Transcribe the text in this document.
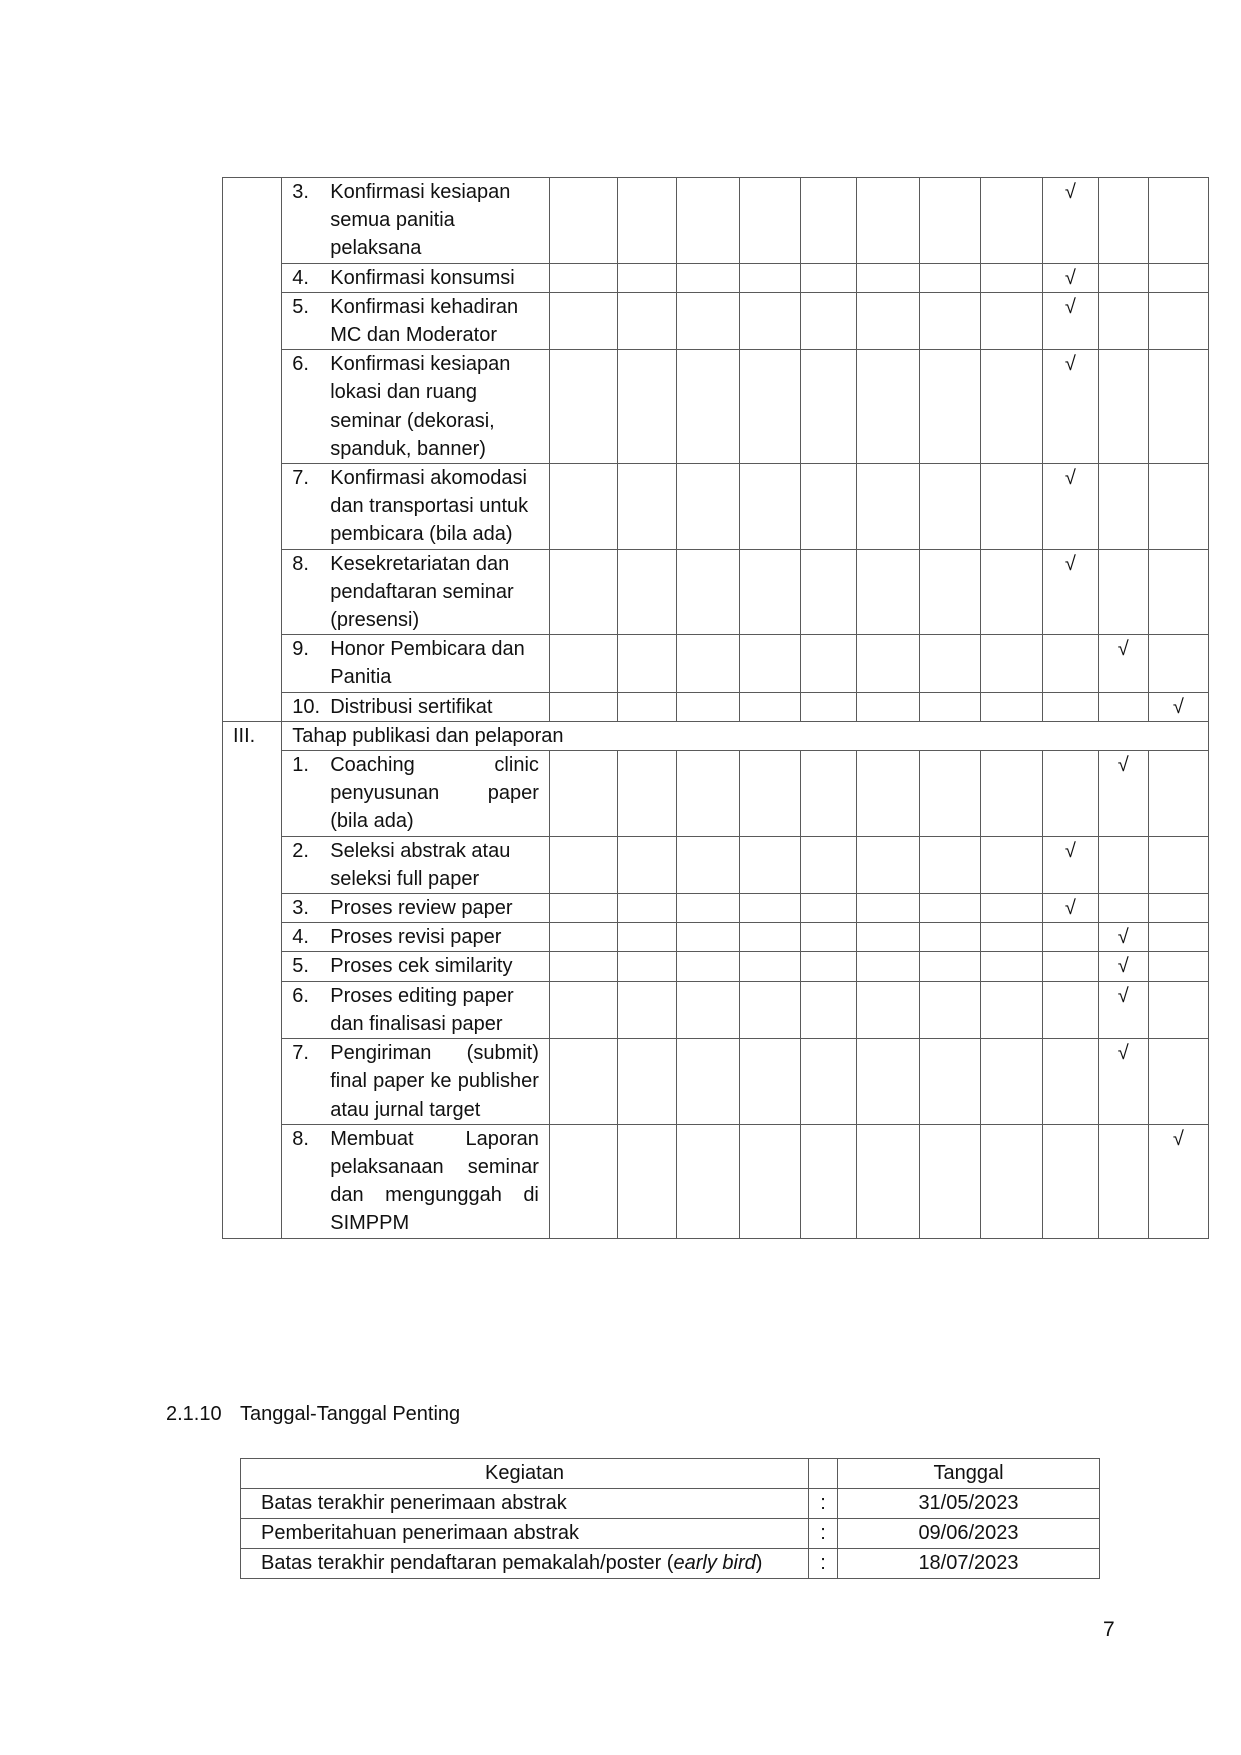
	3. Konfirmasi kesiapan semua panitia pelaksana									√		

	4. Konfirmasi konsumsi									√		

	5. Konfirmasi kehadiran MC dan Moderator									√		

	6. Konfirmasi kesiapan lokasi dan ruang seminar (dekorasi, spanduk, banner)									√		

	7. Konfirmasi akomodasi dan transportasi untuk pembicara (bila ada)									√		

	8. Kesekretariatan dan pendaftaran seminar (presensi)									√		

	9. Honor Pembicara dan Panitia										√	

	10. Distribusi sertifikat											√
III.	Tahap publikasi dan pelaporan											

	1. Coaching clinic penyusunan paper (bila ada)										√	

	2. Seleksi abstrak atau seleksi full paper									√		

	3. Proses review paper									√		

	4. Proses revisi paper										√	

	5. Proses cek similarity										√	

	6. Proses editing paper dan finalisasi paper										√	

	7. Pengiriman (submit) final paper ke publisher atau jurnal target										√	

	8. Membuat Laporan pelaksanaan seminar dan mengunggah di SIMPPM											√
2.1.10 Tanggal-Tanggal Penting
Kegiatan		Tanggal
Batas terakhir penerimaan abstrak	:	31/05/2023
Pemberitahuan penerimaan abstrak	:	09/06/2023
Batas terakhir pendaftaran pemakalah/poster (early bird)	:	18/07/2023
7
